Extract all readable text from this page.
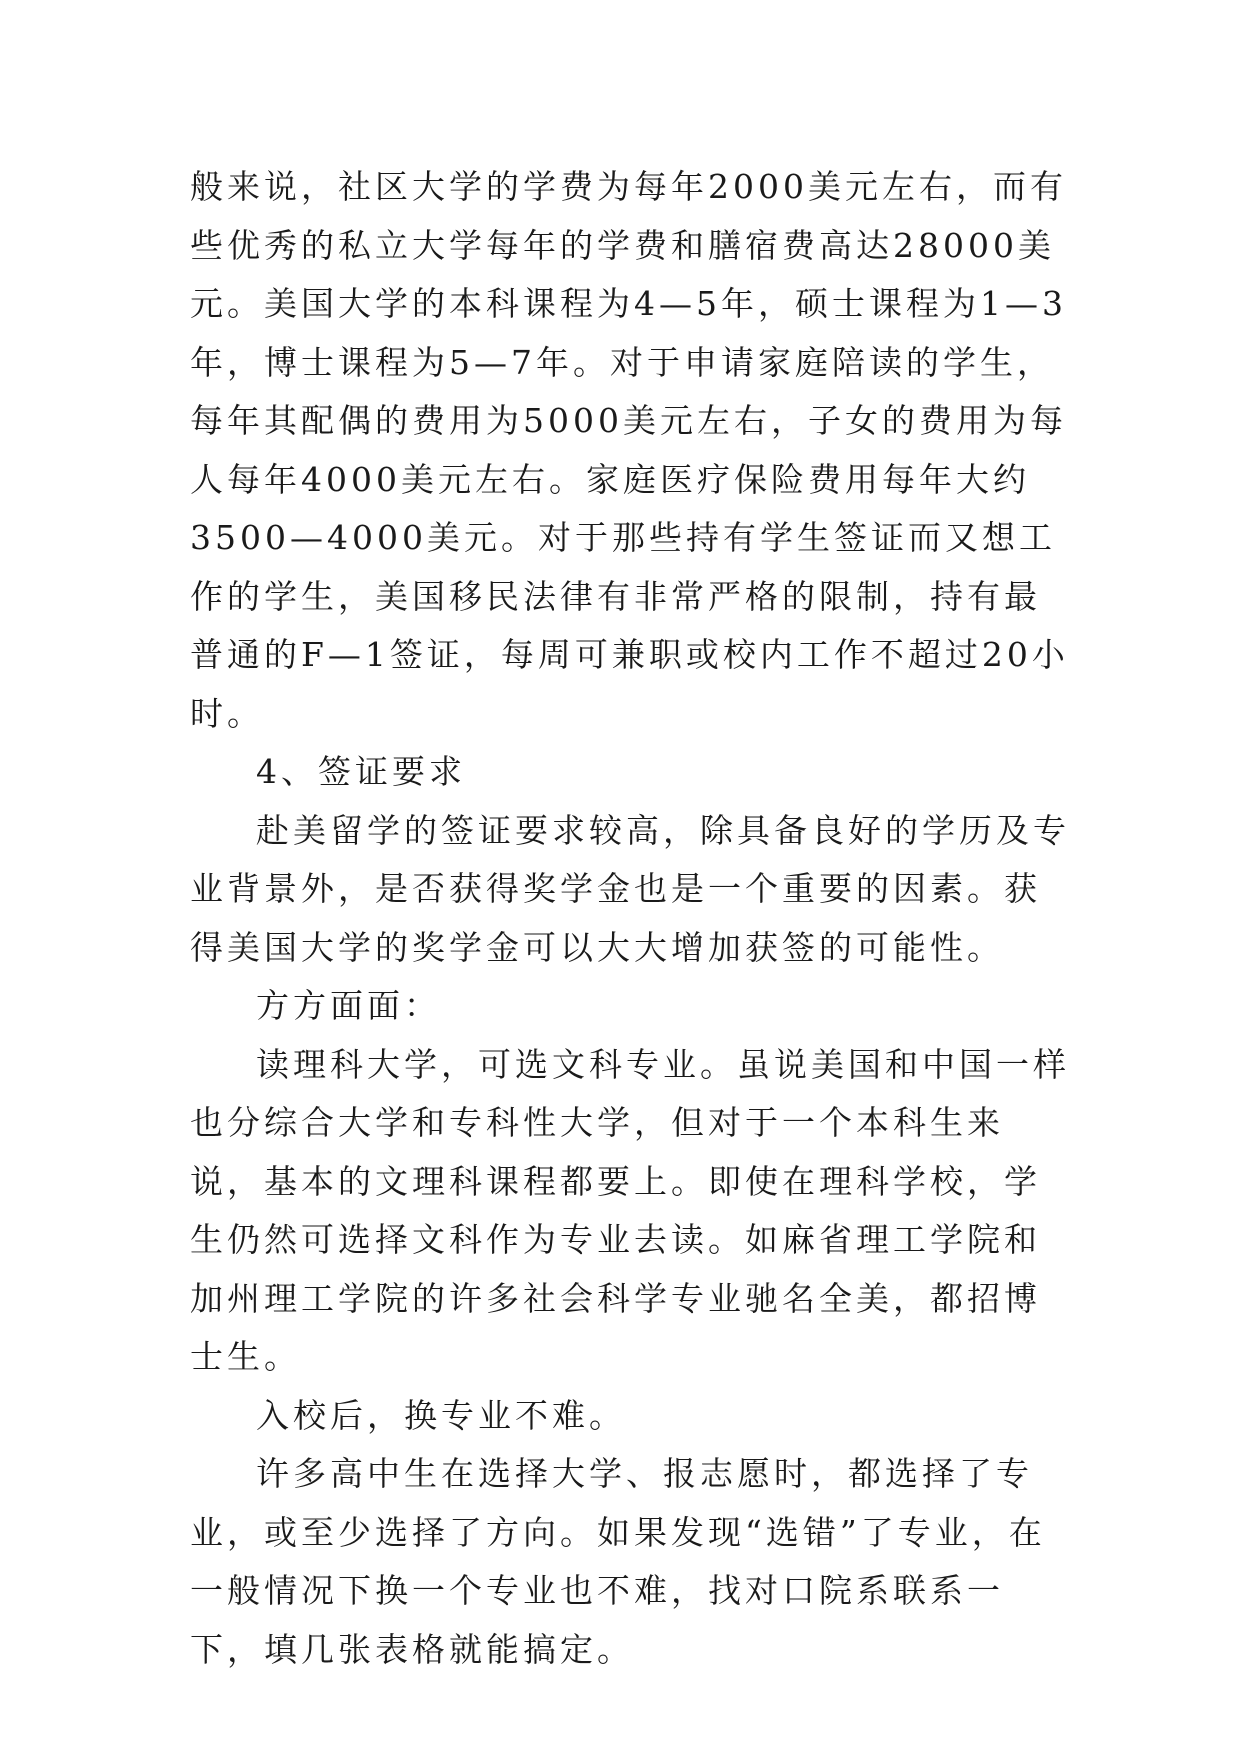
般来说，社区大学的学费为每年2000美元左右，而有些优秀的私立大学每年的学费和膳宿费高达28000美元。美国大学的本科课程为4—5年，硕士课程为1—3年，博士课程为5—7年。对于申请家庭陪读的学生，每年其配偶的费用为5000美元左右，子女的费用为每人每年4000美元左右。家庭医疗保险费用每年大约3500—4000美元。对于那些持有学生签证而又想工作的学生，美国移民法律有非常严格的限制，持有最普通的F—1签证，每周可兼职或校内工作不超过20小时。

4、签证要求

赴美留学的签证要求较高，除具备良好的学历及专业背景外，是否获得奖学金也是一个重要的因素。获得美国大学的奖学金可以大大增加获签的可能性。

方方面面：

读理科大学，可选文科专业。虽说美国和中国一样也分综合大学和专科性大学，但对于一个本科生来说，基本的文理科课程都要上。即使在理科学校，学生仍然可选择文科作为专业去读。如麻省理工学院和加州理工学院的许多社会科学专业驰名全美，都招博士生。

入校后，换专业不难。

许多高中生在选择大学、报志愿时，都选择了专业，或至少选择了方向。如果发现“选错”了专业，在一般情况下换一个专业也不难，找对口院系联系一下，填几张表格就能搞定。
